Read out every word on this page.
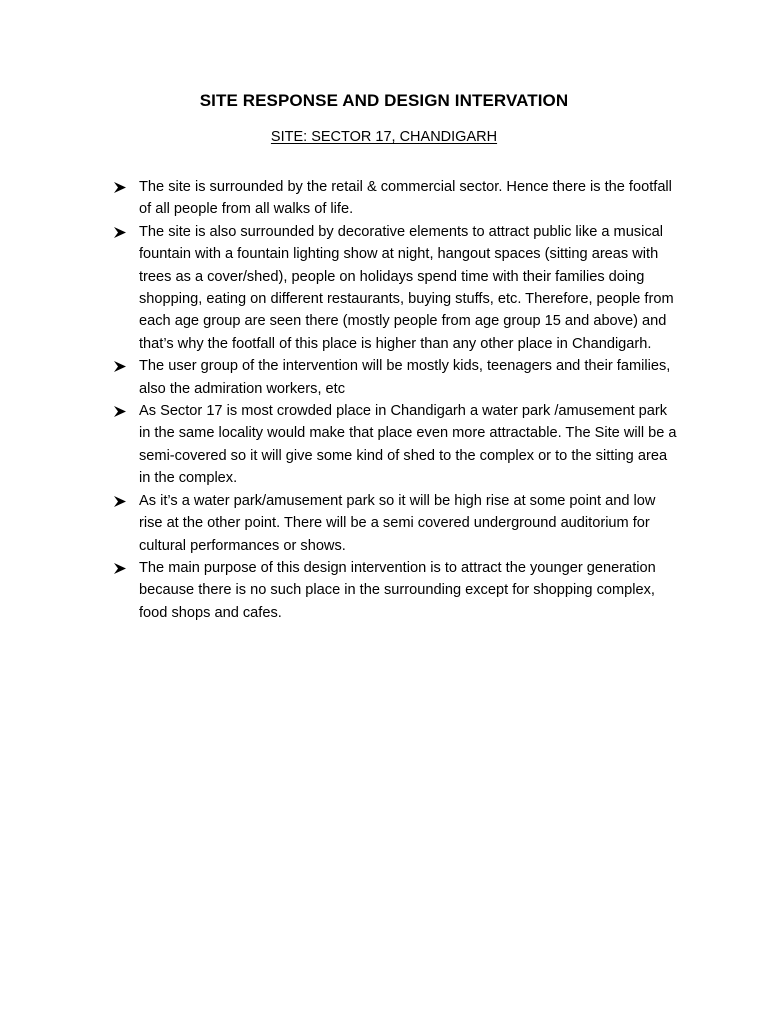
SITE RESPONSE AND DESIGN INTERVATION
SITE: SECTOR 17, CHANDIGARH
The site is surrounded by the retail & commercial sector. Hence there is the footfall of all people from all walks of life.
The site is also surrounded by decorative elements to attract public like a musical fountain with a fountain lighting show at night, hangout spaces (sitting areas with trees as a cover/shed), people on holidays spend time with their families doing shopping, eating on different restaurants, buying stuffs, etc. Therefore, people from each age group are seen there (mostly people from age group 15 and above) and that’s why the footfall of this place is higher than any other place in Chandigarh.
The user group of the intervention will be mostly kids, teenagers and their families, also the admiration workers, etc
As Sector 17 is most crowded place in Chandigarh a water park /amusement park in the same locality would make that place even more attractable. The Site will be a semi-covered so it will give some kind of shed to the complex or to the sitting area in the complex.
As it’s a water park/amusement park so it will be high rise at some point and low rise at the other point. There will be a semi covered underground auditorium for cultural performances or shows.
The main purpose of this design intervention is to attract the younger generation because there is no such place in the surrounding except for shopping complex, food shops and cafes.
